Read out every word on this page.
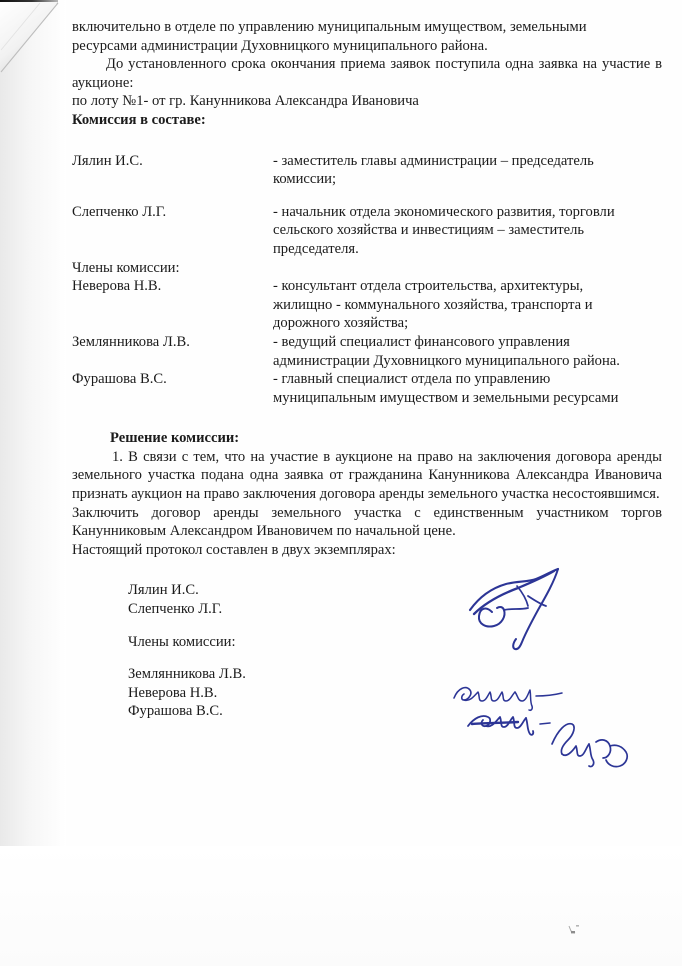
включительно в отделе по управлению муниципальным имуществом, земельными

ресурсами администрации Духовницкого муниципального района.

До установленного срока окончания приема заявок поступила одна заявка на участие в аукционе:

по лоту №1- от гр. Канунникова Александра Ивановича

Комиссия в составе:

Лялин И.С.	- заместитель главы администрации – председатель
комиссии;
Слепченко Л.Г.	- начальник отдела экономического развития, торговли
сельского хозяйства и инвестициям – заместитель
председателя.

Члены комиссии:

Неверова Н.В.	- консультант отдела строительства, архитектуры,
жилищно - коммунального хозяйства, транспорта и
дорожного хозяйства;
Землянникова Л.В.	- ведущий специалист финансового управления
администрации Духовницкого муниципального района.
Фурашова В.С.	- главный специалист отдела по управлению
муниципальным имуществом и земельными ресурсами

Решение комиссии:

1. В связи с тем, что на участие в аукционе на право на заключения договора аренды земельного участка подана одна заявка от гражданина Канунникова Александра Ивановича признать аукцион на право заключения договора аренды земельного участка несостоявшимся.

Заключить договор аренды земельного участка с единственным участником торгов Канунниковым Александром Ивановичем по начальной цене.

Настоящий протокол составлен в двух экземплярах:

Лялин И.С.

Слепченко Л.Г.

Члены комиссии:

Землянникова Л.В.

Неверова Н.В.

Фурашова В.С.
